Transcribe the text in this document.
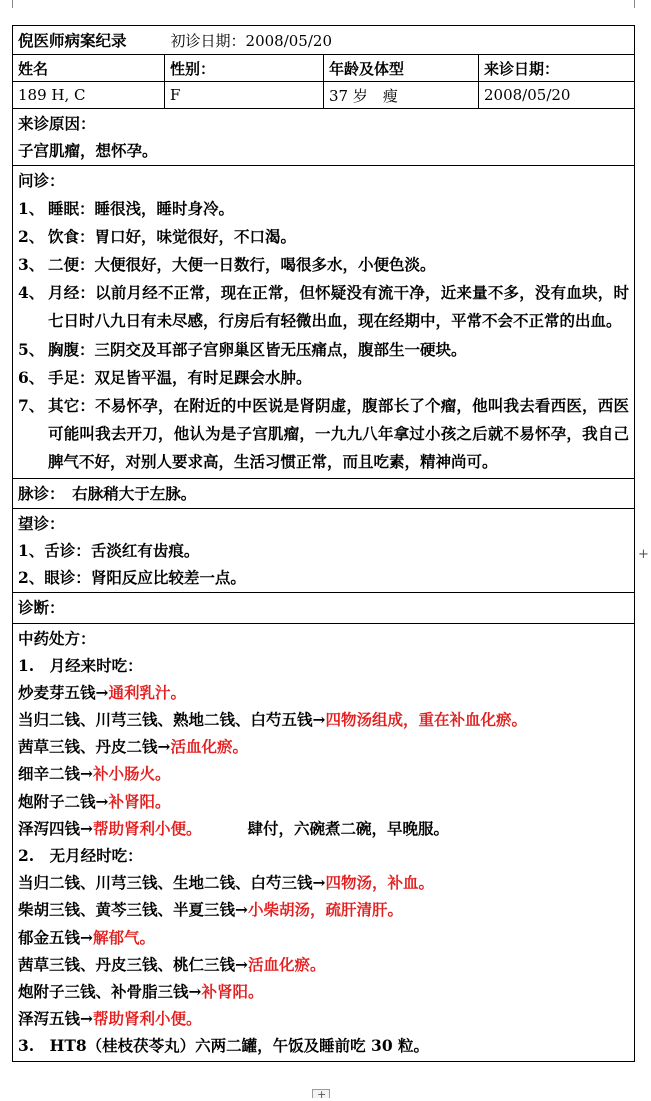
+
+
倪医师病案纪录	初诊日期：2008/05/20
姓名	性别：	年龄及体型	来诊日期：
189 H, C	F	37 岁　瘦	2008/05/20
来诊原因：
子宫肌瘤，想怀孕。
问诊：
1、 睡眠：睡很浅，睡时身冷。
2、 饮食：胃口好，味觉很好，不口渴。
3、 二便：大便很好，大便一日数行，喝很多水，小便色淡。
4、 月经：以前月经不正常，现在正常，但怀疑没有流干净，近来量不多，没有血块，时七日时八九日有未尽感，行房后有轻微出血，现在经期中，平常不会不正常的出血。
5、 胸腹：三阴交及耳部子宫卵巢区皆无压痛点，腹部生一硬块。
6、 手足：双足皆平温，有时足踝会水肿。
7、 其它：不易怀孕，在附近的中医说是肾阴虚，腹部长了个瘤，他叫我去看西医，西医可能叫我去开刀，他认为是子宫肌瘤，一九九八年拿过小孩之后就不易怀孕，我自己脾气不好，对别人要求高，生活习惯正常，而且吃素，精神尚可。
脉诊：　 右脉稍大于左脉。
望诊：
1、舌诊：舌淡红有齿痕。
2、眼诊：肾阳反应比较差一点。
诊断：
中药处方：
1.　月经来时吃：
炒麦芽五钱→通利乳汁。
当归二钱、川芎三钱、熟地二钱、白芍五钱→四物汤组成，重在补血化瘀。
茜草三钱、丹皮二钱→活血化瘀。
细辛二钱→补小肠火。
炮附子二钱→补肾阳。
泽泻四钱→帮助肾利小便。	肆付，六碗煮二碗，早晚服。
2.　无月经时吃：
当归二钱、川芎三钱、生地二钱、白芍三钱→四物汤，补血。
柴胡三钱、黄芩三钱、半夏三钱→小柴胡汤，疏肝清肝。
郁金五钱→解郁气。
茜草三钱、丹皮三钱、桃仁三钱→活血化瘀。
炮附子三钱、补骨脂三钱→补肾阳。
泽泻五钱→帮助肾利小便。
3.　HT8（桂枝茯苓丸）六两二罐，午饭及睡前吃 30 粒。
